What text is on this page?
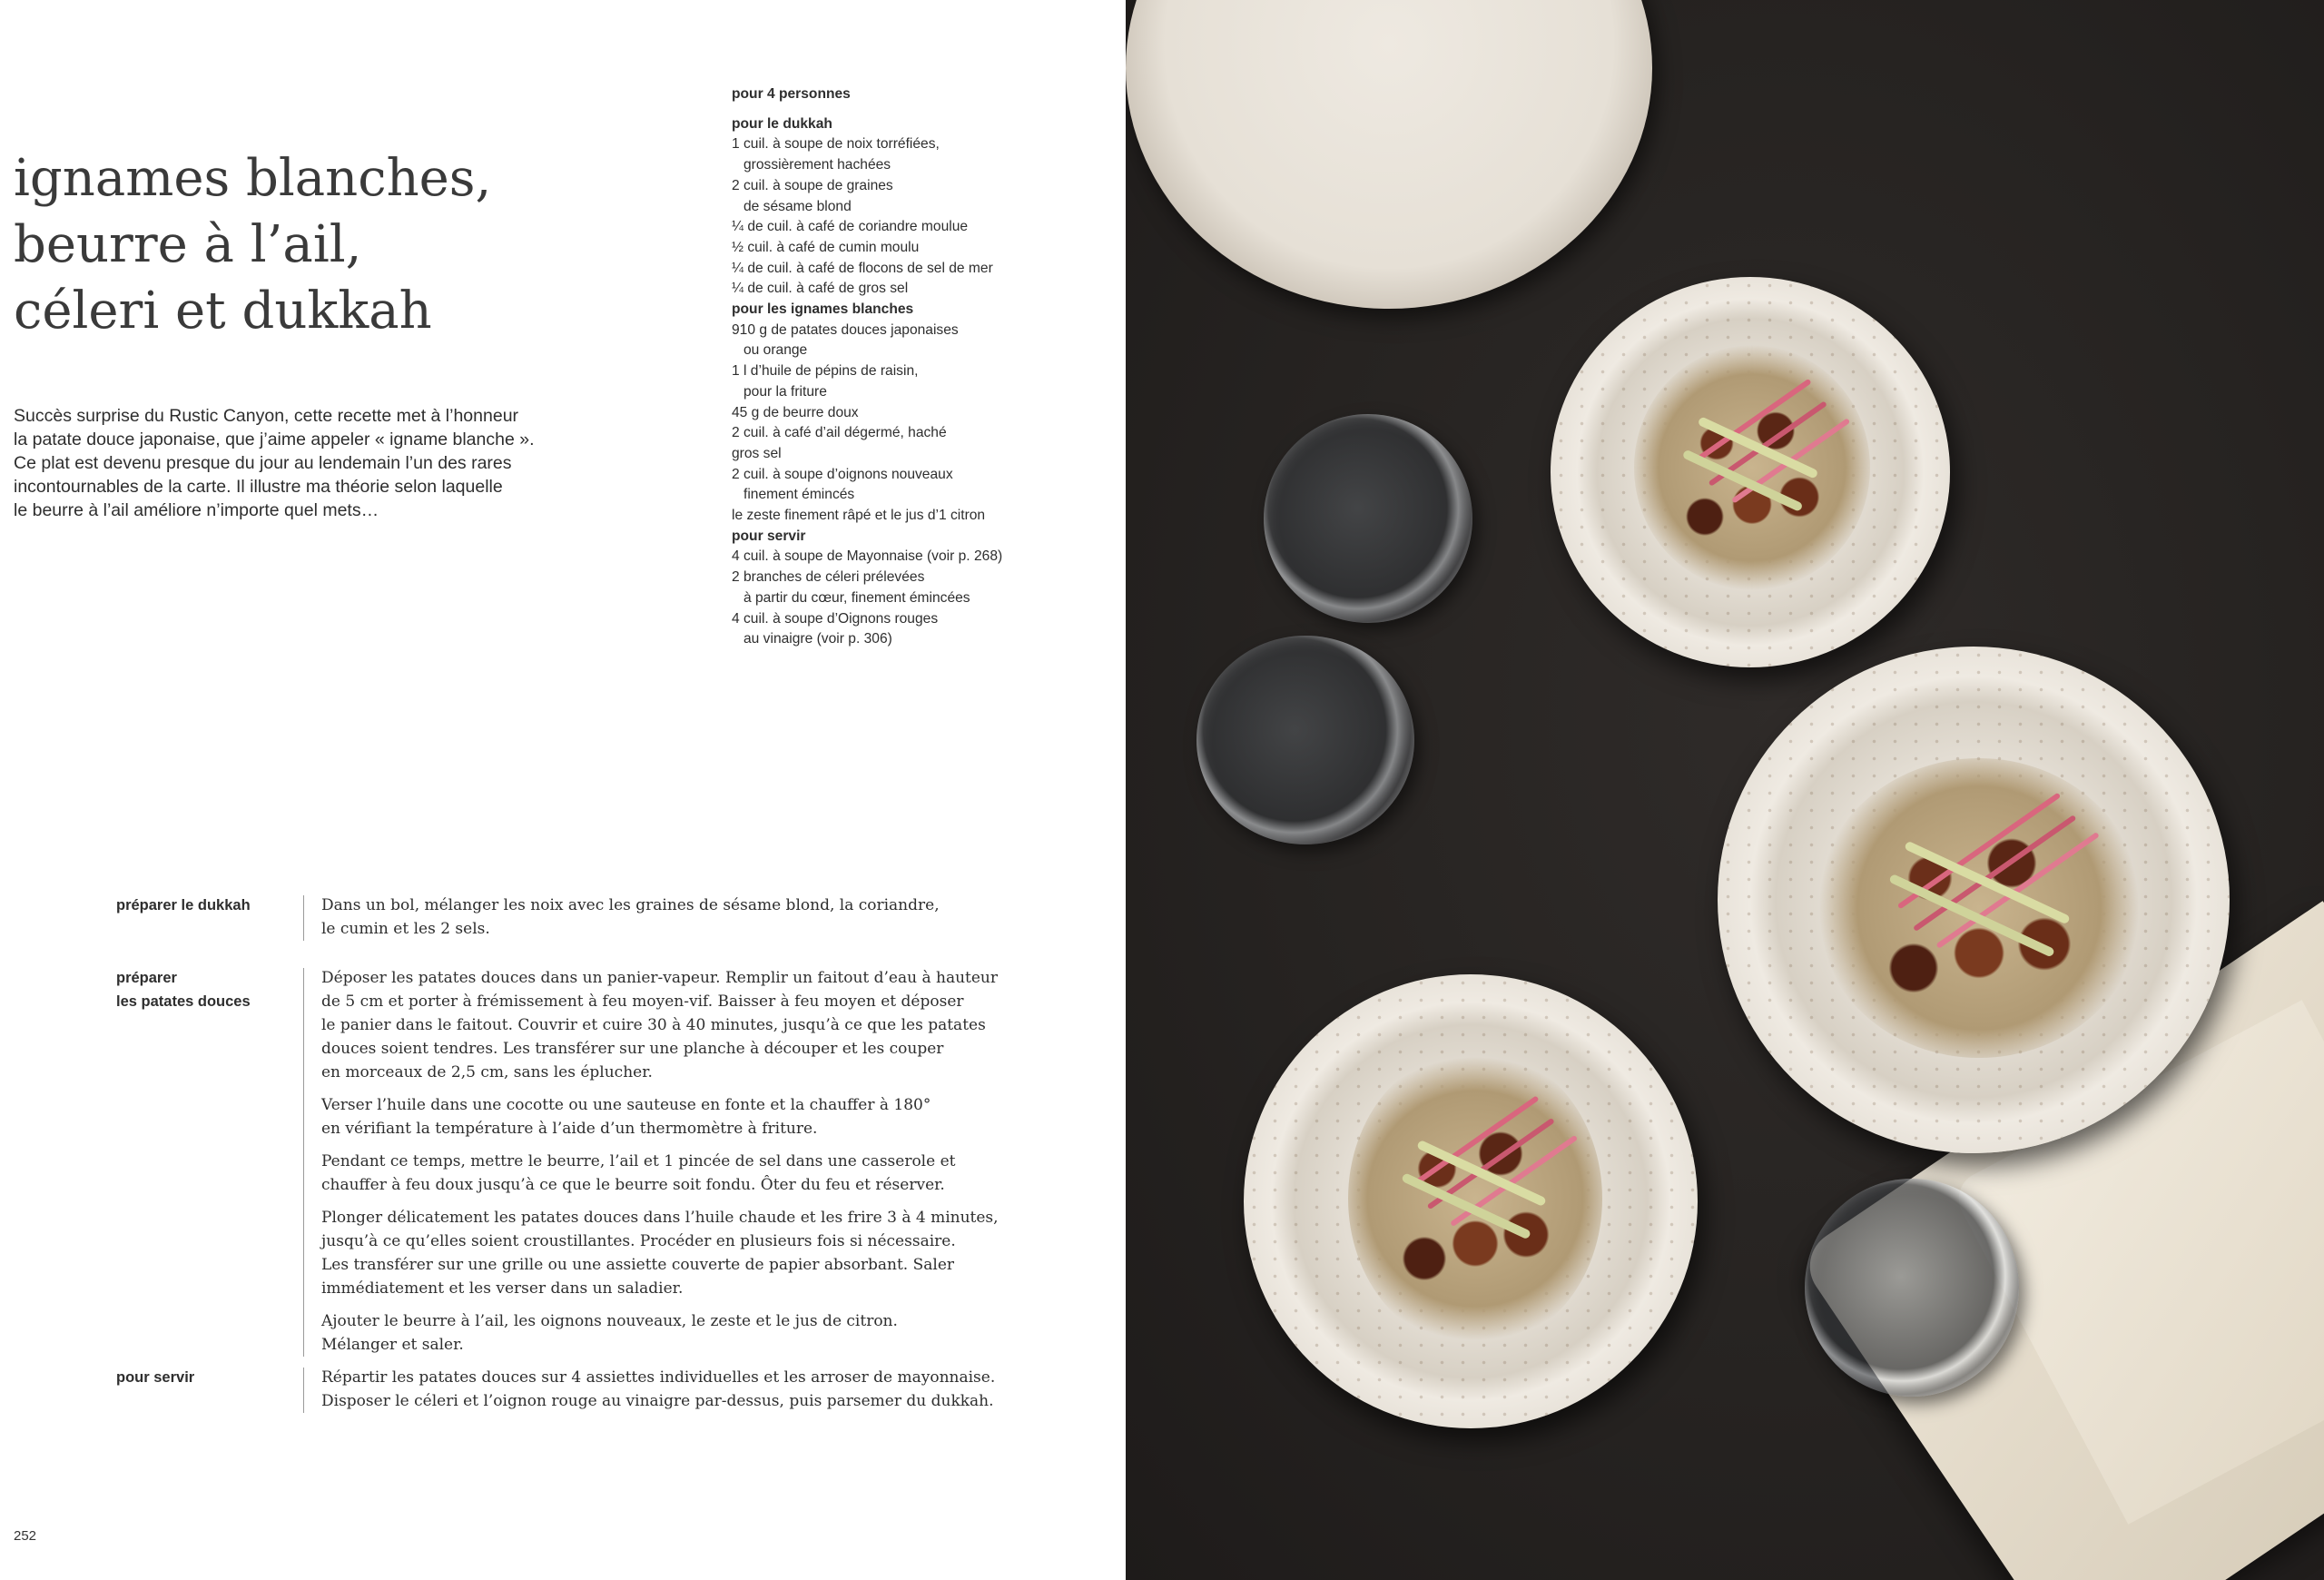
ignames blanches,
beurre à l’ail,
céleri et dukkah

Succès surprise du Rustic Canyon, cette recette met à l’honneur
la patate douce japonaise, que j’aime appeler « igname blanche ».
Ce plat est devenu presque du jour au lendemain l’un des rares
incontournables de la carte. Il illustre ma théorie selon laquelle
le beurre à l’ail améliore n’importe quel mets…

pour 4 personnes
pour le dukkah
1 cuil. à soupe de noix torréfiées,
grossièrement hachées
2 cuil. à soupe de graines
de sésame blond
¼ de cuil. à café de coriandre moulue
½ cuil. à café de cumin moulu
¼ de cuil. à café de flocons de sel de mer
¼ de cuil. à café de gros sel
pour les ignames blanches
910 g de patates douces japonaises
ou orange
1 l d’huile de pépins de raisin,
pour la friture
45 g de beurre doux
2 cuil. à café d’ail dégermé, haché
gros sel
2 cuil. à soupe d’oignons nouveaux
finement émincés
le zeste finement râpé et le jus d’1 citron
pour servir
4 cuil. à soupe de Mayonnaise (voir p. 268)
2 branches de céleri prélevées
à partir du cœur, finement émincées
4 cuil. à soupe d’Oignons rouges
au vinaigre (voir p. 306)
préparer le dukkah	Dans un bol, mélanger les noix avec les graines de sésame blond, la coriandre,
le cumin et les 2 sels.
préparer
les patates douces

Déposer les patates douces dans un panier-vapeur. Remplir un faitout d’eau à hauteur
de 5 cm et porter à frémissement à feu moyen-vif. Baisser à feu moyen et déposer
le panier dans le faitout. Couvrir et cuire 30 à 40 minutes, jusqu’à ce que les patates
douces soient tendres. Les transférer sur une planche à découper et les couper
en morceaux de 2,5 cm, sans les éplucher.

Verser l’huile dans une cocotte ou une sauteuse en fonte et la chauffer à 180°
en vérifiant la température à l’aide d’un thermomètre à friture.

Pendant ce temps, mettre le beurre, l’ail et 1 pincée de sel dans une casserole et
chauffer à feu doux jusqu’à ce que le beurre soit fondu. Ôter du feu et réserver.

Plonger délicatement les patates douces dans l’huile chaude et les frire 3 à 4 minutes,
jusqu’à ce qu’elles soient croustillantes. Procéder en plusieurs fois si nécessaire.
Les transférer sur une grille ou une assiette couverte de papier absorbant. Saler
immédiatement et les verser dans un saladier.

Ajouter le beurre à l’ail, les oignons nouveaux, le zeste et le jus de citron.
Mélanger et saler.

pour servir	Répartir les patates douces sur 4 assiettes individuelles et les arroser de mayonnaise.
Disposer le céleri et l’oignon rouge au vinaigre par-dessus, puis parsemer du dukkah.
252
